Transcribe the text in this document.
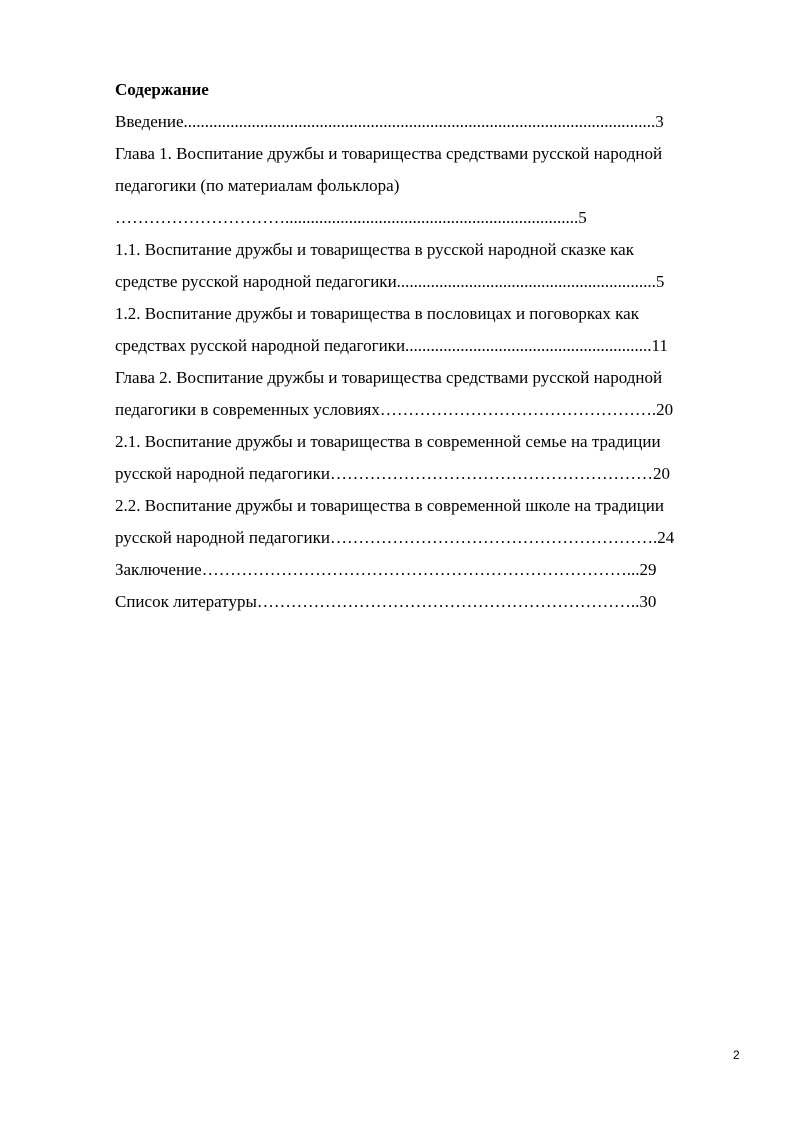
Содержание
Введение...............................................................................................................3
Глава 1. Воспитание дружбы и товарищества средствами русской народной
педагогики (по материалам фольклора)
………………………….....................................................................5
1.1. Воспитание дружбы и товарищества в русской народной сказке как
средстве русской народной педагогики.............................................................5
1.2. Воспитание дружбы и товарищества в пословицах и поговорках как
средствах русской народной педагогики..........................................................11
Глава 2. Воспитание дружбы и товарищества средствами русской народной
педагогики в современных условиях………………………………………….20
2.1. Воспитание дружбы и товарищества в современной семье на традиции
русской народной педагогики…………………………………………………20
2.2. Воспитание дружбы и товарищества в современной школе на традиции
русской народной педагогики………………………………………………….24
Заключение…………………………………………………………………...29
Список литературы…………………………………………………………..30
2
